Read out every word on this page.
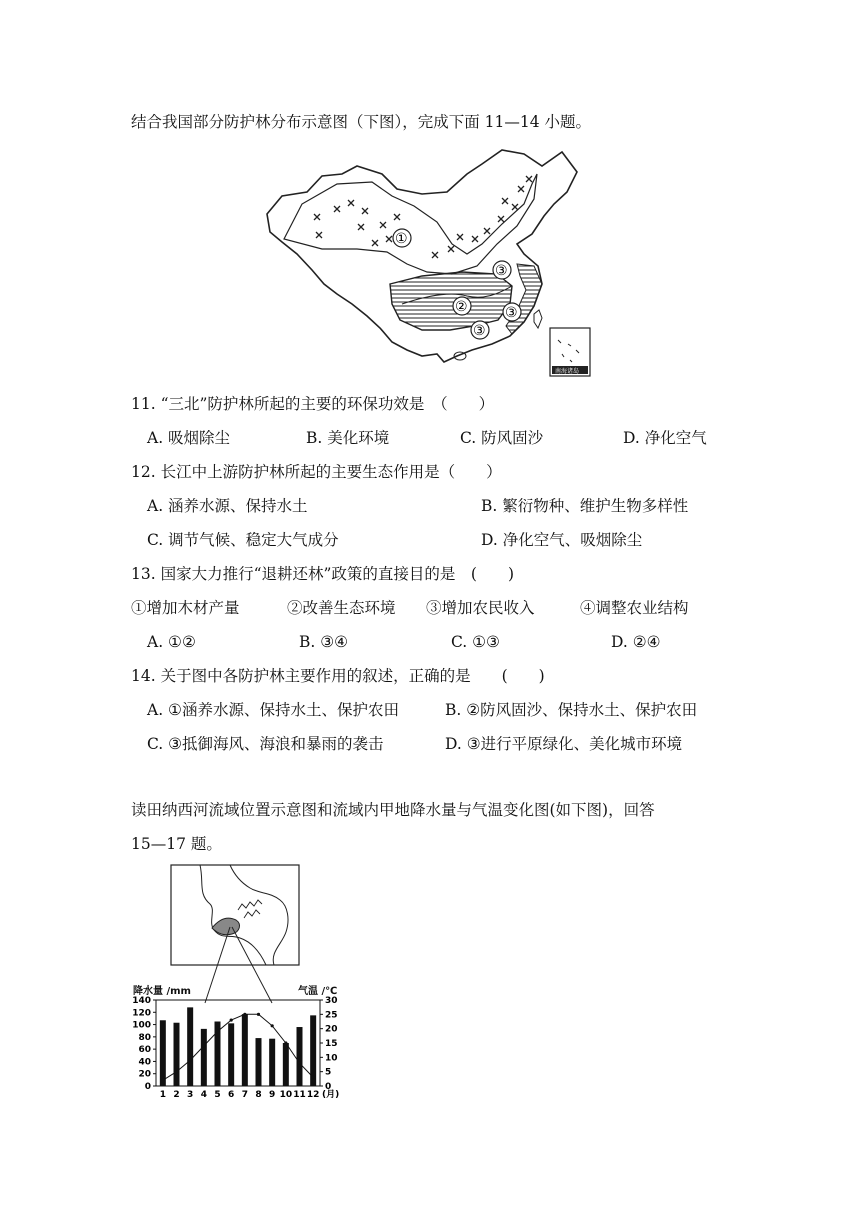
结合我国部分防护林分布示意图（下图），完成下面 11—14 小题。
①
②
③
③
③
南海诸岛
11. “三北”防护林所起的主要的环保功效是　（　　）
A. 吸烟除尘	B. 美化环境	C. 防风固沙	D. 净化空气
12. 长江中上游防护林所起的主要生态作用是（　　）
A. 涵养水源、保持水土	B. 繁衍物种、维护生物多样性
C. 调节气候、稳定大气成分	D. 净化空气、吸烟除尘
13. 国家大力推行“退耕还林”政策的直接目的是　(　　)
①增加木材产量	②改善生态环境 ③增加农民收入	④调整农业结构
A. ①②	B. ③④	C. ①③	D. ②④
14. 关于图中各防护林主要作用的叙述，正确的是　　(　　)
A. ①涵养水源、保持水土、保护农田	B. ②防风固沙、保持水土、保护农田
C. ③抵御海风、海浪和暴雨的袭击	D. ③进行平原绿化、美化城市环境
读田纳西河流域位置示意图和流域内甲地降水量与气温变化图(如下图)，回答
15—17 题。
降水量 /mm	气温 /℃
0
20
40
60
80
100
120
140
0
5
10
15
20
25
30
1 2 3 4 5 6 7 8 9 10 11 12 (月)
